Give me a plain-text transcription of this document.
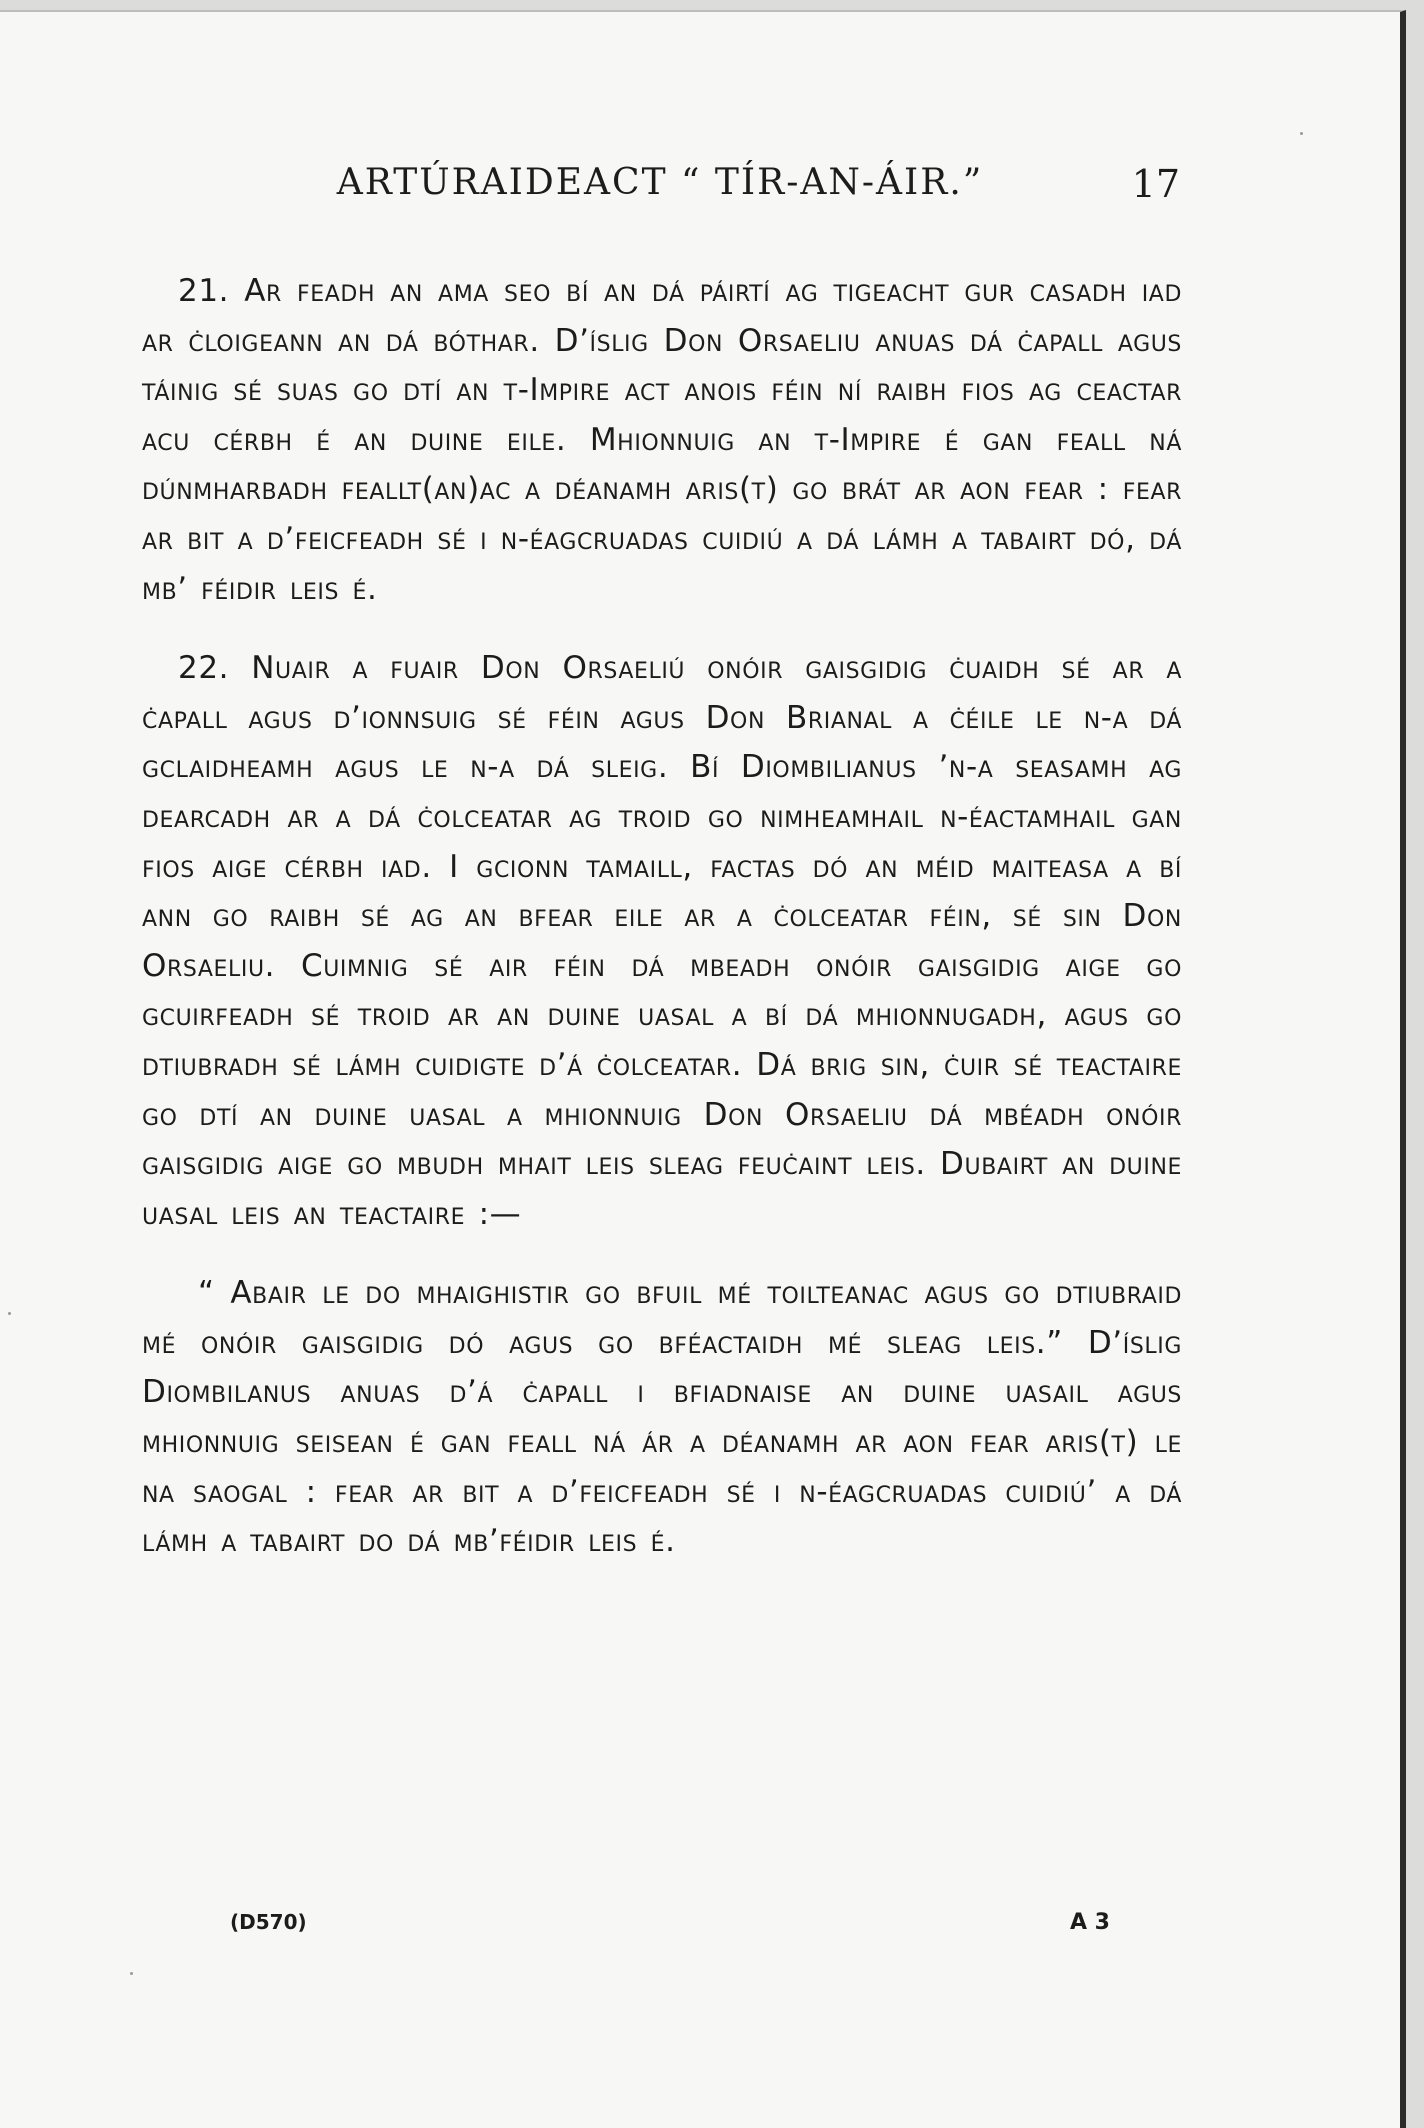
ARTÚRAIDEACT “ TÍR-AN-ÁIR.”	17

21. Ar feadh an ama seo bí an dá páirtí ag tigeacht gur casadh iad ar ċloigeann an dá bóthar. D’íslig Don Orsaeliu anuas dá ċapall agus táinig sé suas go dtí an t-Impire act anois féin ní raibh fios ag ceactar acu cérbh é an duine eile. Mhionnuig an t-Impire é gan feall ná dúnmharbadh feallt(an)ac a déanamh aris(t) go brát ar aon fear : fear ar bit a d’feicfeadh sé i n-éagcruadas cuidiú a dá lámh a tabairt dó, dá mb’ féidir leis é.

22. Nuair a fuair Don Orsaeliú onóir gaisgidig ċuaidh sé ar a ċapall agus d’ionnsuig sé féin agus Don Brianal a ċéile le n-a dá gclaidheamh agus le n-a dá sleig. Bí Diombilianus ’n-a seasamh ag dearcadh ar a dá ċolceatar ag troid go nimheamhail n-éactamhail gan fios aige cérbh iad. I gcionn tamaill, factas dó an méid maiteasa a bí ann go raibh sé ag an bfear eile ar a ċolceatar féin, sé sin Don Orsaeliu. Cuimnig sé air féin dá mbeadh onóir gaisgidig aige go gcuirfeadh sé troid ar an duine uasal a bí dá mhionnugadh, agus go dtiubradh sé lámh cuidigte d’á ċolceatar. Dá brig sin, ċuir sé teactaire go dtí an duine uasal a mhionnuig Don Orsaeliu dá mbéadh onóir gaisgidig aige go mbudh mhait leis sleag feuċaint leis. Dubairt an duine uasal leis an teactaire :—

“ Abair le do mhaighistir go bfuil mé toilteanac agus go dtiubraid mé onóir gaisgidig dó agus go bféactaidh mé sleag leis.” D’íslig Diombilanus anuas d’á ċapall i bfiadnaise an duine uasail agus mhionnuig seisean é gan feall ná ár a déanamh ar aon fear aris(t) le na saogal : fear ar bit a d’feicfeadh sé i n-éagcruadas cuidiú’ a dá lámh a tabairt do dá mb’féidir leis é.

(D570)	A 3
